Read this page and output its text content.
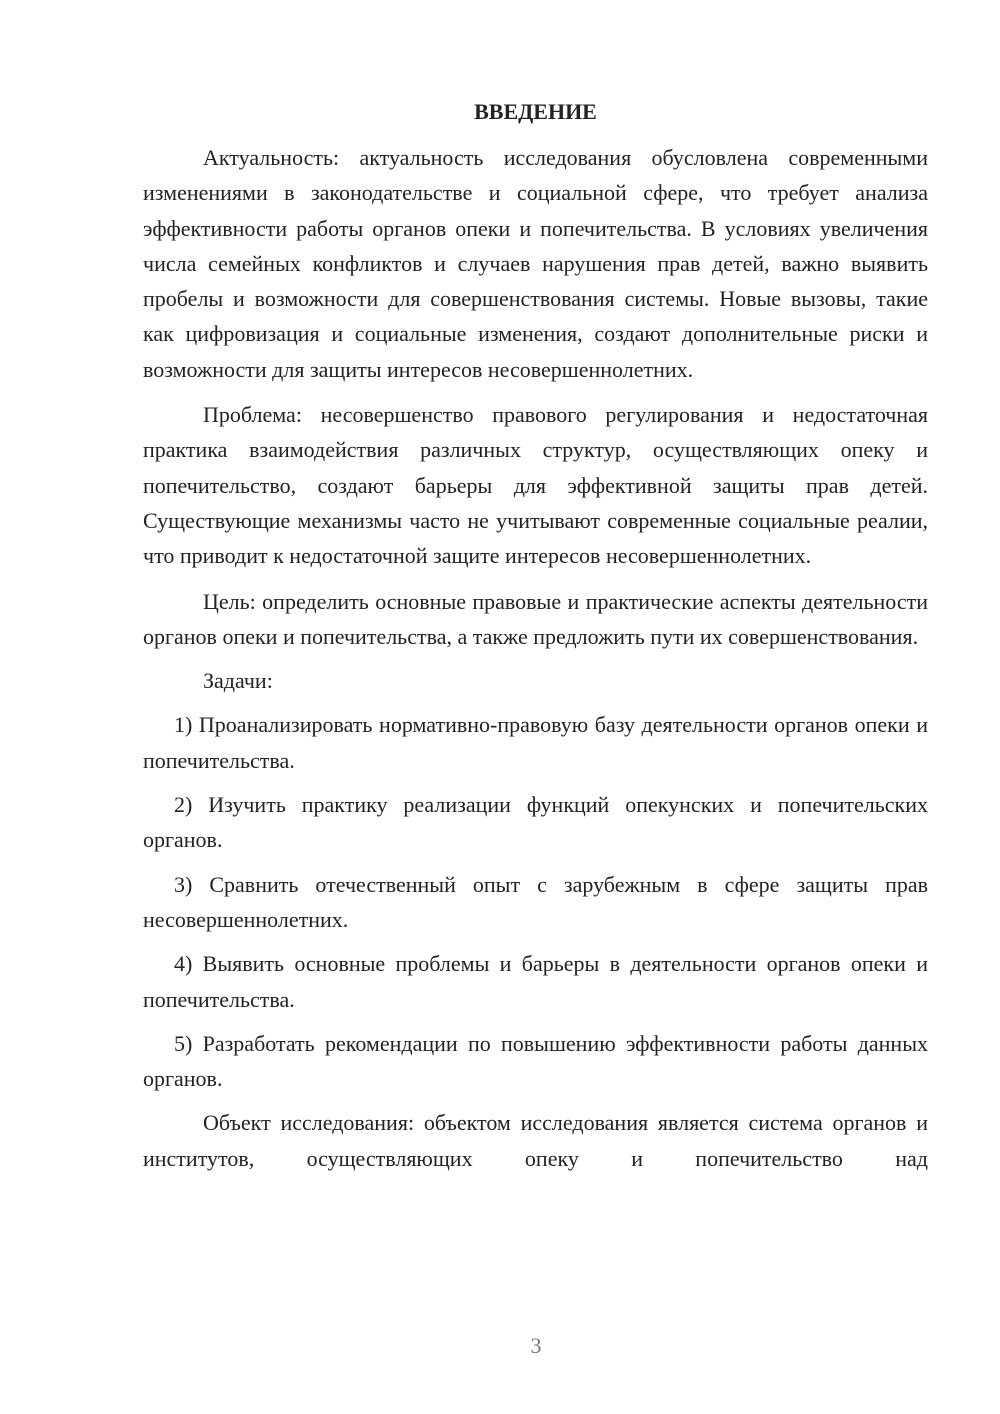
ВВЕДЕНИЕ

Актуальность: актуальность исследования обусловлена современными изменениями в законодательстве и социальной сфере, что требует анализа эффективности работы органов опеки и попечительства. В условиях увеличения числа семейных конфликтов и случаев нарушения прав детей, важно выявить пробелы и возможности для совершенствования системы. Новые вызовы, такие как цифровизация и социальные изменения, создают дополнительные риски и возможности для защиты интересов несовершеннолетних.

Проблема: несовершенство правового регулирования и недостаточная практика взаимодействия различных структур, осуществляющих опеку и попечительство, создают барьеры для эффективной защиты прав детей. Существующие механизмы часто не учитывают современные социальные реалии, что приводит к недостаточной защите интересов несовершеннолетних.

Цель: определить основные правовые и практические аспекты деятельности органов опеки и попечительства, а также предложить пути их совершенствования.

Задачи:

1) Проанализировать нормативно-правовую базу деятельности органов опеки и попечительства.

2) Изучить практику реализации функций опекунских и попечительских органов.

3) Сравнить отечественный опыт с зарубежным в сфере защиты прав несовершеннолетних.

4) Выявить основные проблемы и барьеры в деятельности органов опеки и попечительства.

5) Разработать рекомендации по повышению эффективности работы данных органов.

Объект исследования: объектом исследования является система органов и институтов, осуществляющих опеку и попечительство над

3
